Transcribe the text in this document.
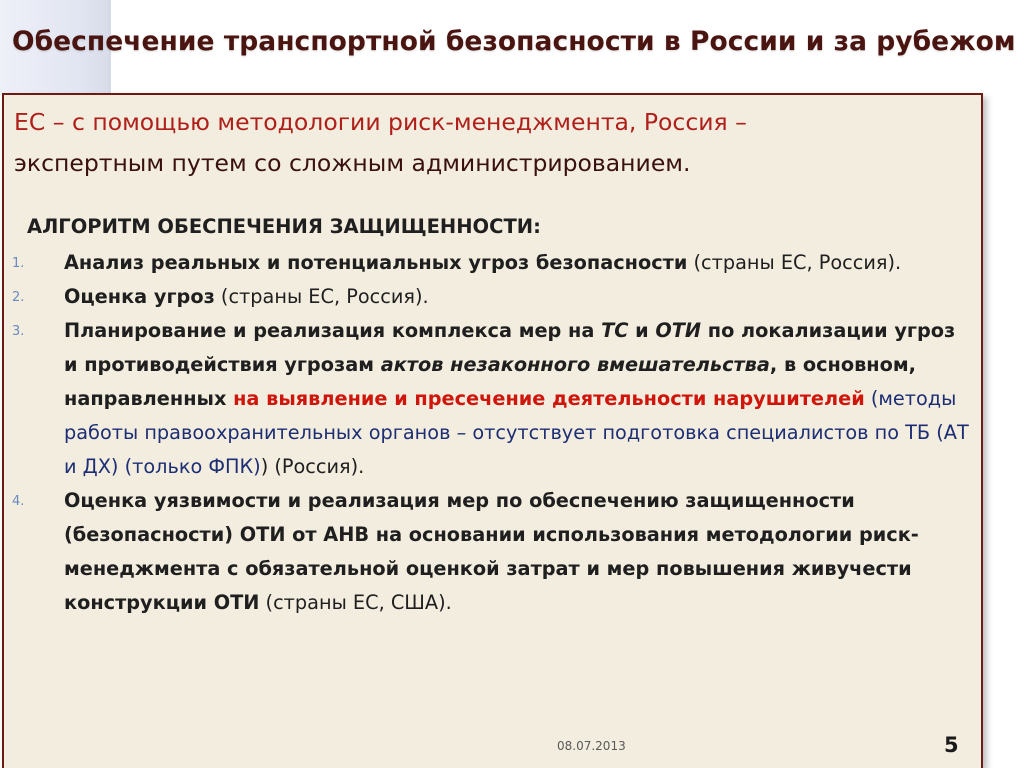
Обеспечение транспортной безопасности в России и за рубежом

ЕС – с помощью методологии риск-менеджмента, Россия –
экспертным путем со сложным администрированием.

АЛГОРИТМ ОБЕСПЕЧЕНИЯ ЗАЩИЩЕННОСТИ:

1. Анализ реальных и потенциальных угроз безопасности (страны ЕС, Россия).
2. Оценка угроз (страны ЕС, Россия).
3. Планирование и реализация комплекса мер на ТС и ОТИ по локализации угроз и противодействия угрозам актов незаконного вмешательства, в основном, направленных на выявление и пресечение деятельности нарушителей (методы работы правоохранительных органов – отсутствует подготовка специалистов по ТБ (АТ и ДХ) (только ФПК)) (Россия).
4. Оценка уязвимости и реализация мер по обеспечению защищенности (безопасности) ОТИ от АНВ на основании использования методологии риск-менеджмента с обязательной оценкой затрат и мер повышения живучести конструкции ОТИ (страны ЕС, США).
08.07.2013	5
